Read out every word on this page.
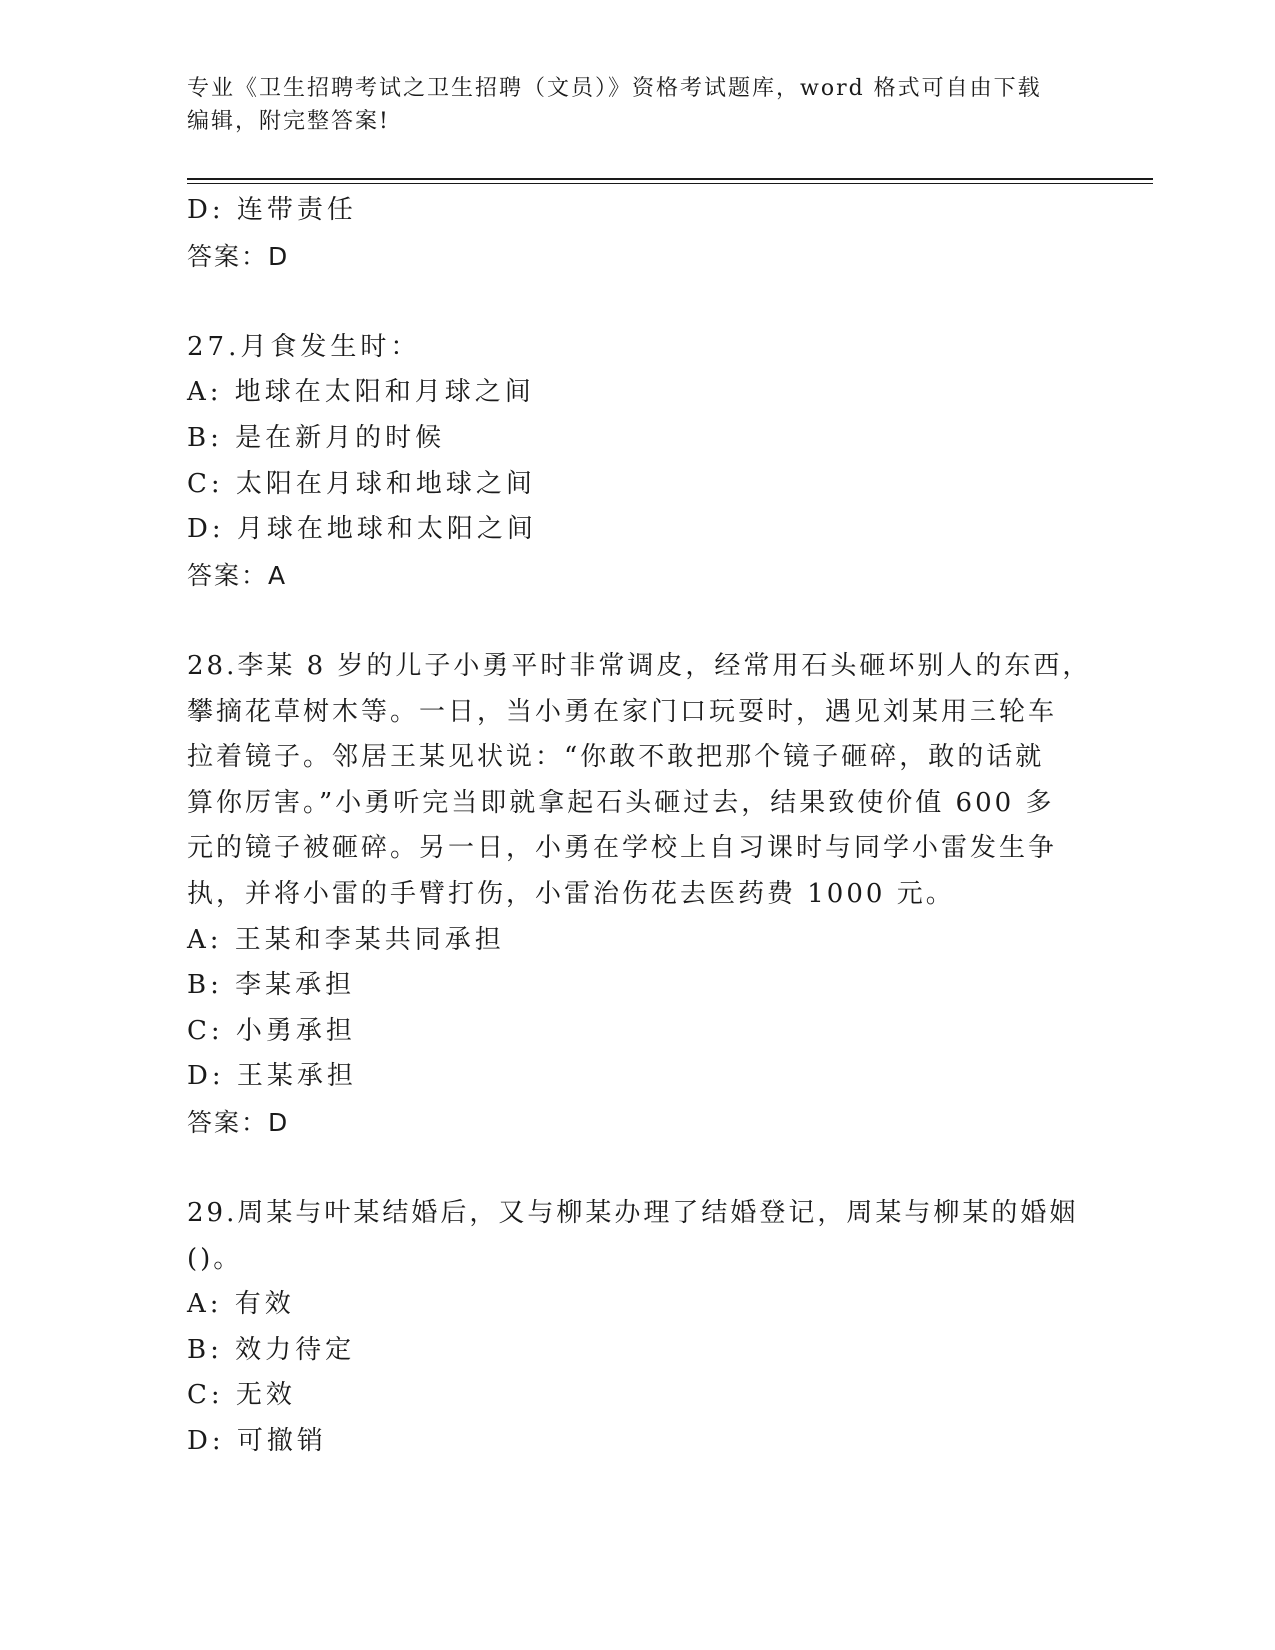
专业《卫生招聘考试之卫生招聘（文员）》资格考试题库，word 格式可自由下载
编辑，附完整答案!
D: 连带责任
答案：D
27.月食发生时：
A: 地球在太阳和月球之间
B: 是在新月的时候
C: 太阳在月球和地球之间
D: 月球在地球和太阳之间
答案：A
28.李某 8 岁的儿子小勇平时非常调皮，经常用石头砸坏别人的东西，
攀摘花草树木等。一日，当小勇在家门口玩耍时，遇见刘某用三轮车
拉着镜子。邻居王某见状说：“你敢不敢把那个镜子砸碎，敢的话就
算你厉害。”小勇听完当即就拿起石头砸过去，结果致使价值 600 多
元的镜子被砸碎。另一日，小勇在学校上自习课时与同学小雷发生争
执，并将小雷的手臂打伤，小雷治伤花去医药费 1000 元。
A: 王某和李某共同承担
B: 李某承担
C: 小勇承担
D: 王某承担
答案：D
29.周某与叶某结婚后，又与柳某办理了结婚登记，周某与柳某的婚姻
()。
A: 有效
B: 效力待定
C: 无效
D: 可撤销
